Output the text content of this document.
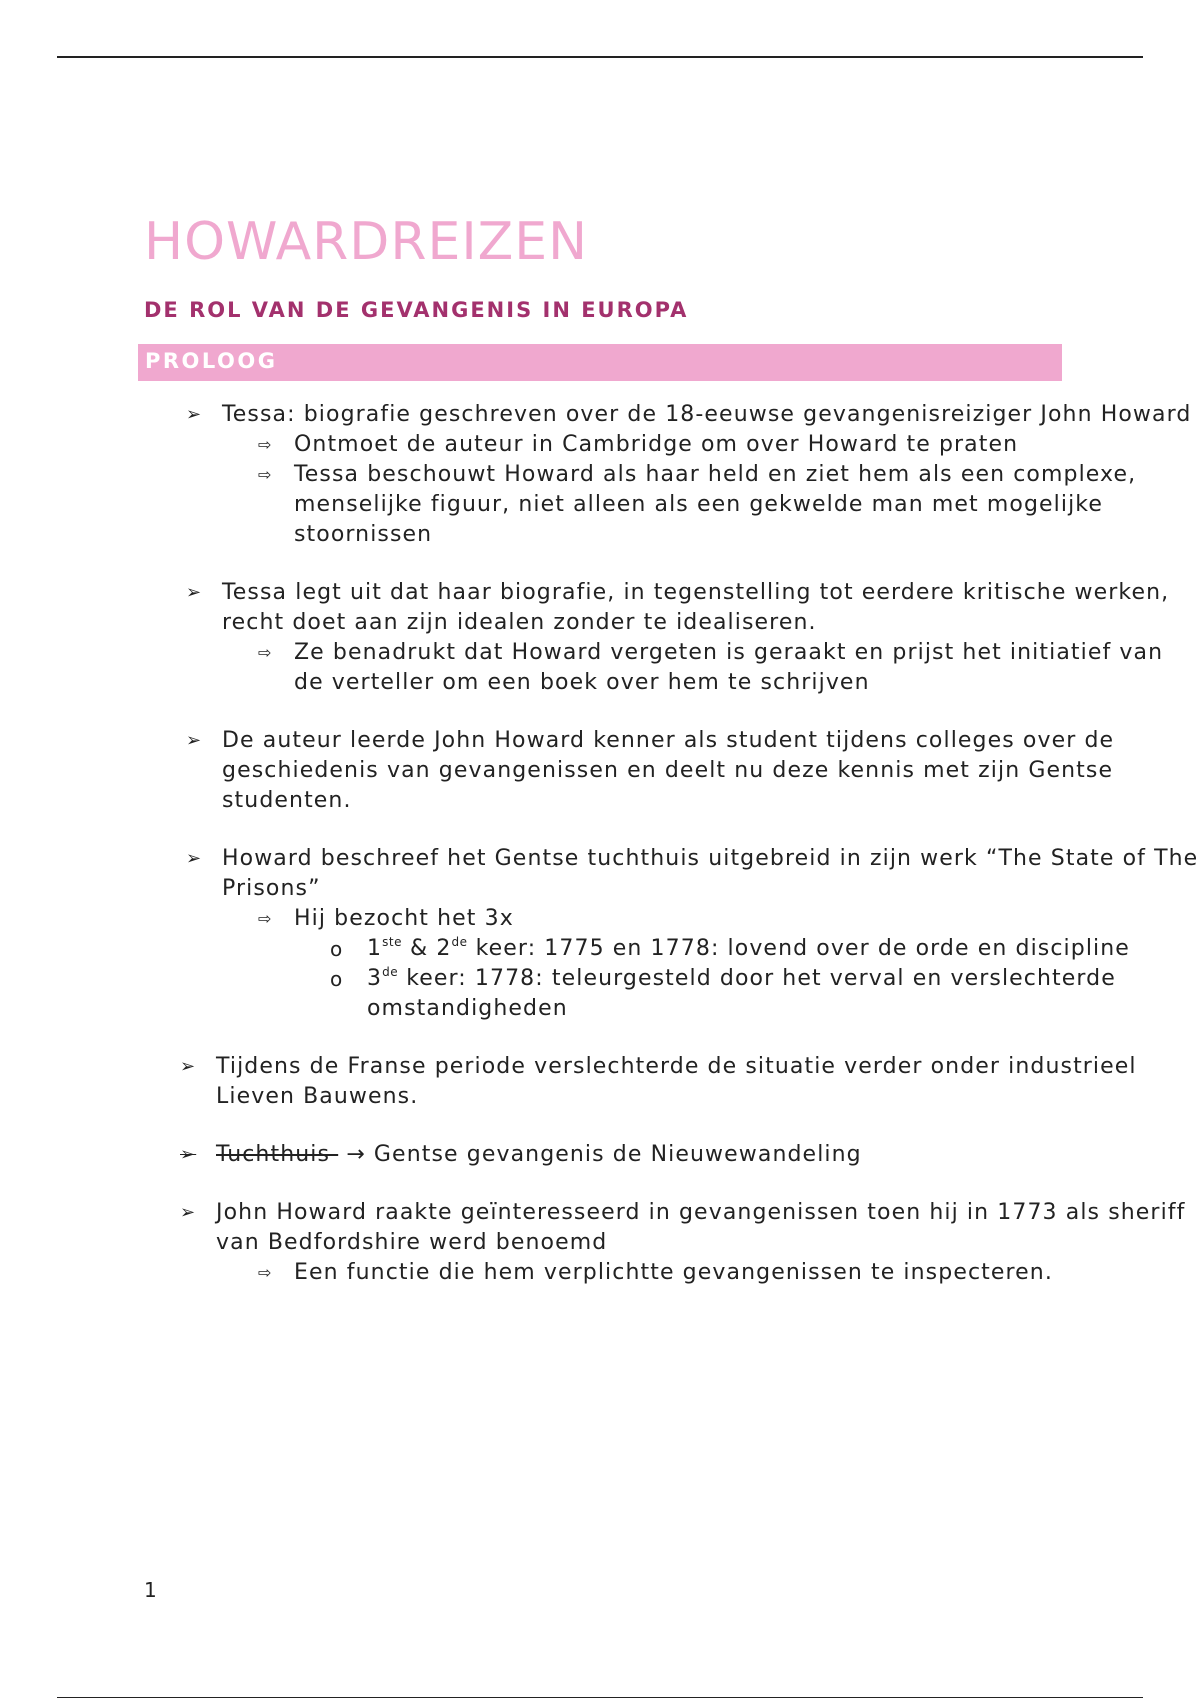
HOWARDREIZEN
DE ROL VAN DE GEVANGENIS IN EUROPA
PROLOOG
➢ Tessa: biografie geschreven over de 18-eeuwse gevangenisreiziger John Howard
⇨ Ontmoet de auteur in Cambridge om over Howard te praten
⇨ Tessa beschouwt Howard als haar held en ziet hem als een complexe, menselijke figuur, niet alleen als een gekwelde man met mogelijke stoornissen
➢ Tessa legt uit dat haar biografie, in tegenstelling tot eerdere kritische werken, recht doet aan zijn idealen zonder te idealiseren.
⇨ Ze benadrukt dat Howard vergeten is geraakt en prijst het initiatief van de verteller om een boek over hem te schrijven
➢ De auteur leerde John Howard kenner als student tijdens colleges over de geschiedenis van gevangenissen en deelt nu deze kennis met zijn Gentse studenten.
➢ Howard beschreef het Gentse tuchthuis uitgebreid in zijn werk “The State of The Prisons”
⇨ Hij bezocht het 3x
o 1ste & 2de keer: 1775 en 1778: lovend over de orde en discipline
o 3de keer: 1778: teleurgesteld door het verval en verslechterde omstandigheden
➢ Tijdens de Franse periode verslechterde de situatie verder onder industrieel Lieven Bauwens.
➢ Tuchthuis  → Gentse gevangenis de Nieuwewandeling
➢ John Howard raakte geïnteresseerd in gevangenissen toen hij in 1773 als sheriff van Bedfordshire werd benoemd
⇨ Een functie die hem verplichtte gevangenissen te inspecteren.
1
